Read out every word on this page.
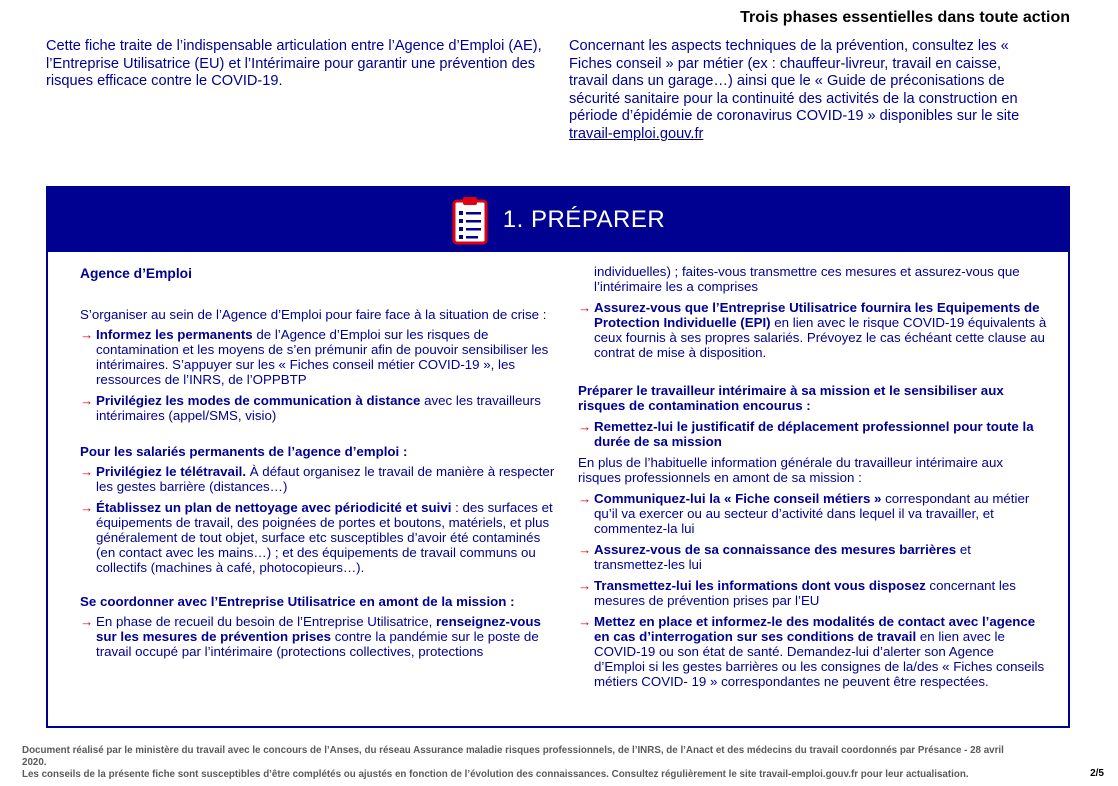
Trois phases essentielles dans toute action
Cette fiche traite de l’indispensable articulation entre l’Agence d’Emploi (AE), l’Entreprise Utilisatrice (EU) et l’Intérimaire pour garantir une prévention des risques efficace contre le COVID-19.
Concernant les aspects techniques de la prévention, consultez les « Fiches conseil » par métier (ex : chauffeur-livreur, travail en caisse, travail dans un garage…) ainsi que le « Guide de préconisations de sécurité sanitaire pour la continuité des activités de la construction en période d’épidémie de coronavirus COVID-19 » disponibles sur le site travail-emploi.gouv.fr
1. PRÉPARER

Agence d’Emploi

S’organiser au sein de l’Agence d’Emploi pour faire face à la situation de crise :

→ Informez les permanents de l’Agence d’Emploi sur les risques de contamination et les moyens de s’en prémunir afin de pouvoir sensibiliser les intérimaires. S’appuyer sur les « Fiches conseil métier COVID-19 », les ressources de l’INRS, de l’OPPBTP

→ Privilégiez les modes de communication à distance avec les travailleurs intérimaires (appel/SMS, visio)

Pour les salariés permanents de l’agence d’emploi :

→ Privilégiez le télétravail. À défaut organisez le travail de manière à respecter les gestes barrière (distances…)

→ Établissez un plan de nettoyage avec périodicité et suivi : des surfaces et équipements de travail, des poignées de portes et boutons, matériels, et plus généralement de tout objet, surface etc susceptibles d’avoir été contaminés (en contact avec les mains…) ; et des équipements de travail communs ou collectifs (machines à café, photocopieurs…).

Se coordonner avec l’Entreprise Utilisatrice en amont de la mission :

→ En phase de recueil du besoin de l’Entreprise Utilisatrice, renseignez-vous sur les mesures de prévention prises contre la pandémie sur le poste de travail occupé par l’intérimaire (protections collectives, protections

individuelles) ; faites-vous transmettre ces mesures et assurez-vous que l’intérimaire les a comprises

→ Assurez-vous que l’Entreprise Utilisatrice fournira les Equipements de Protection Individuelle (EPI) en lien avec le risque COVID-19 équivalents à ceux fournis à ses propres salariés. Prévoyez le cas échéant cette clause au contrat de mise à disposition.

Préparer le travailleur intérimaire à sa mission et le sensibiliser aux risques de contamination encourus :

→ Remettez-lui le justificatif de déplacement professionnel pour toute la durée de sa mission

En plus de l’habituelle information générale du travailleur intérimaire aux risques professionnels en amont de sa mission :

→ Communiquez-lui la « Fiche conseil métiers » correspondant au métier qu’il va exercer ou au secteur d’activité dans lequel il va travailler, et commentez-la lui

→ Assurez-vous de sa connaissance des mesures barrières et transmettez-les lui

→ Transmettez-lui les informations dont vous disposez concernant les mesures de prévention prises par l’EU

→ Mettez en place et informez-le des modalités de contact avec l’agence en cas d’interrogation sur ses conditions de travail en lien avec le COVID-19 ou son état de santé. Demandez-lui d’alerter son Agence d’Emploi si les gestes barrières ou les consignes de la/des « Fiches conseils métiers COVID- 19 » correspondantes ne peuvent être respectées.

Document réalisé par le ministère du travail avec le concours de l’Anses, du réseau Assurance maladie risques professionnels, de l’INRS, de l’Anact et des médecins du travail coordonnés par Présance - 28 avril 2020.
Les conseils de la présente fiche sont susceptibles d’être complétés ou ajustés en fonction de l’évolution des connaissances. Consultez régulièrement le site travail-emploi.gouv.fr pour leur actualisation.	2/5
